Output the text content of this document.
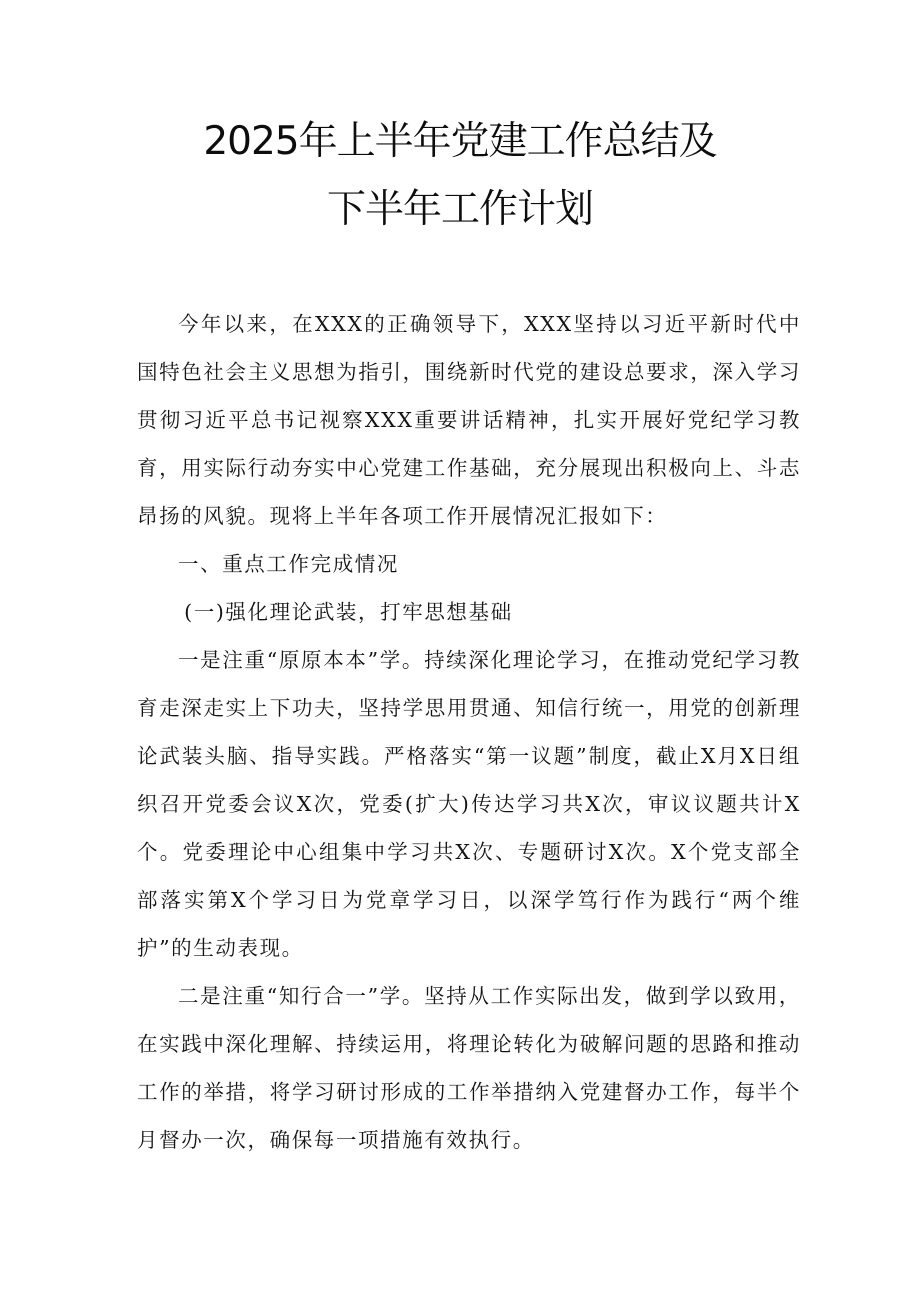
2025年上半年党建工作总结及
下半年工作计划

今年以来，在XXX的正确领导下，XXX坚持以习近平新时代中国特色社会主义思想为指引，围绕新时代党的建设总要求，深入学习贯彻习近平总书记视察XXX重要讲话精神，扎实开展好党纪学习教育，用实际行动夯实中心党建工作基础，充分展现出积极向上、斗志昂扬的风貌。现将上半年各项工作开展情况汇报如下：

一、重点工作完成情况

(一)强化理论武装，打牢思想基础

一是注重“原原本本”学。持续深化理论学习，在推动党纪学习教育走深走实上下功夫，坚持学思用贯通、知信行统一，用党的创新理论武装头脑、指导实践。严格落实“第一议题”制度，截止X月X日组织召开党委会议X次，党委(扩大)传达学习共X次，审议议题共计X个。党委理论中心组集中学习共X次、专题研讨X次。X个党支部全部落实第X个学习日为党章学习日，以深学笃行作为践行“两个维护”的生动表现。

二是注重“知行合一”学。坚持从工作实际出发，做到学以致用，在实践中深化理解、持续运用，将理论转化为破解问题的思路和推动工作的举措，将学习研讨形成的工作举措纳入党建督办工作，每半个月督办一次，确保每一项措施有效执行。
